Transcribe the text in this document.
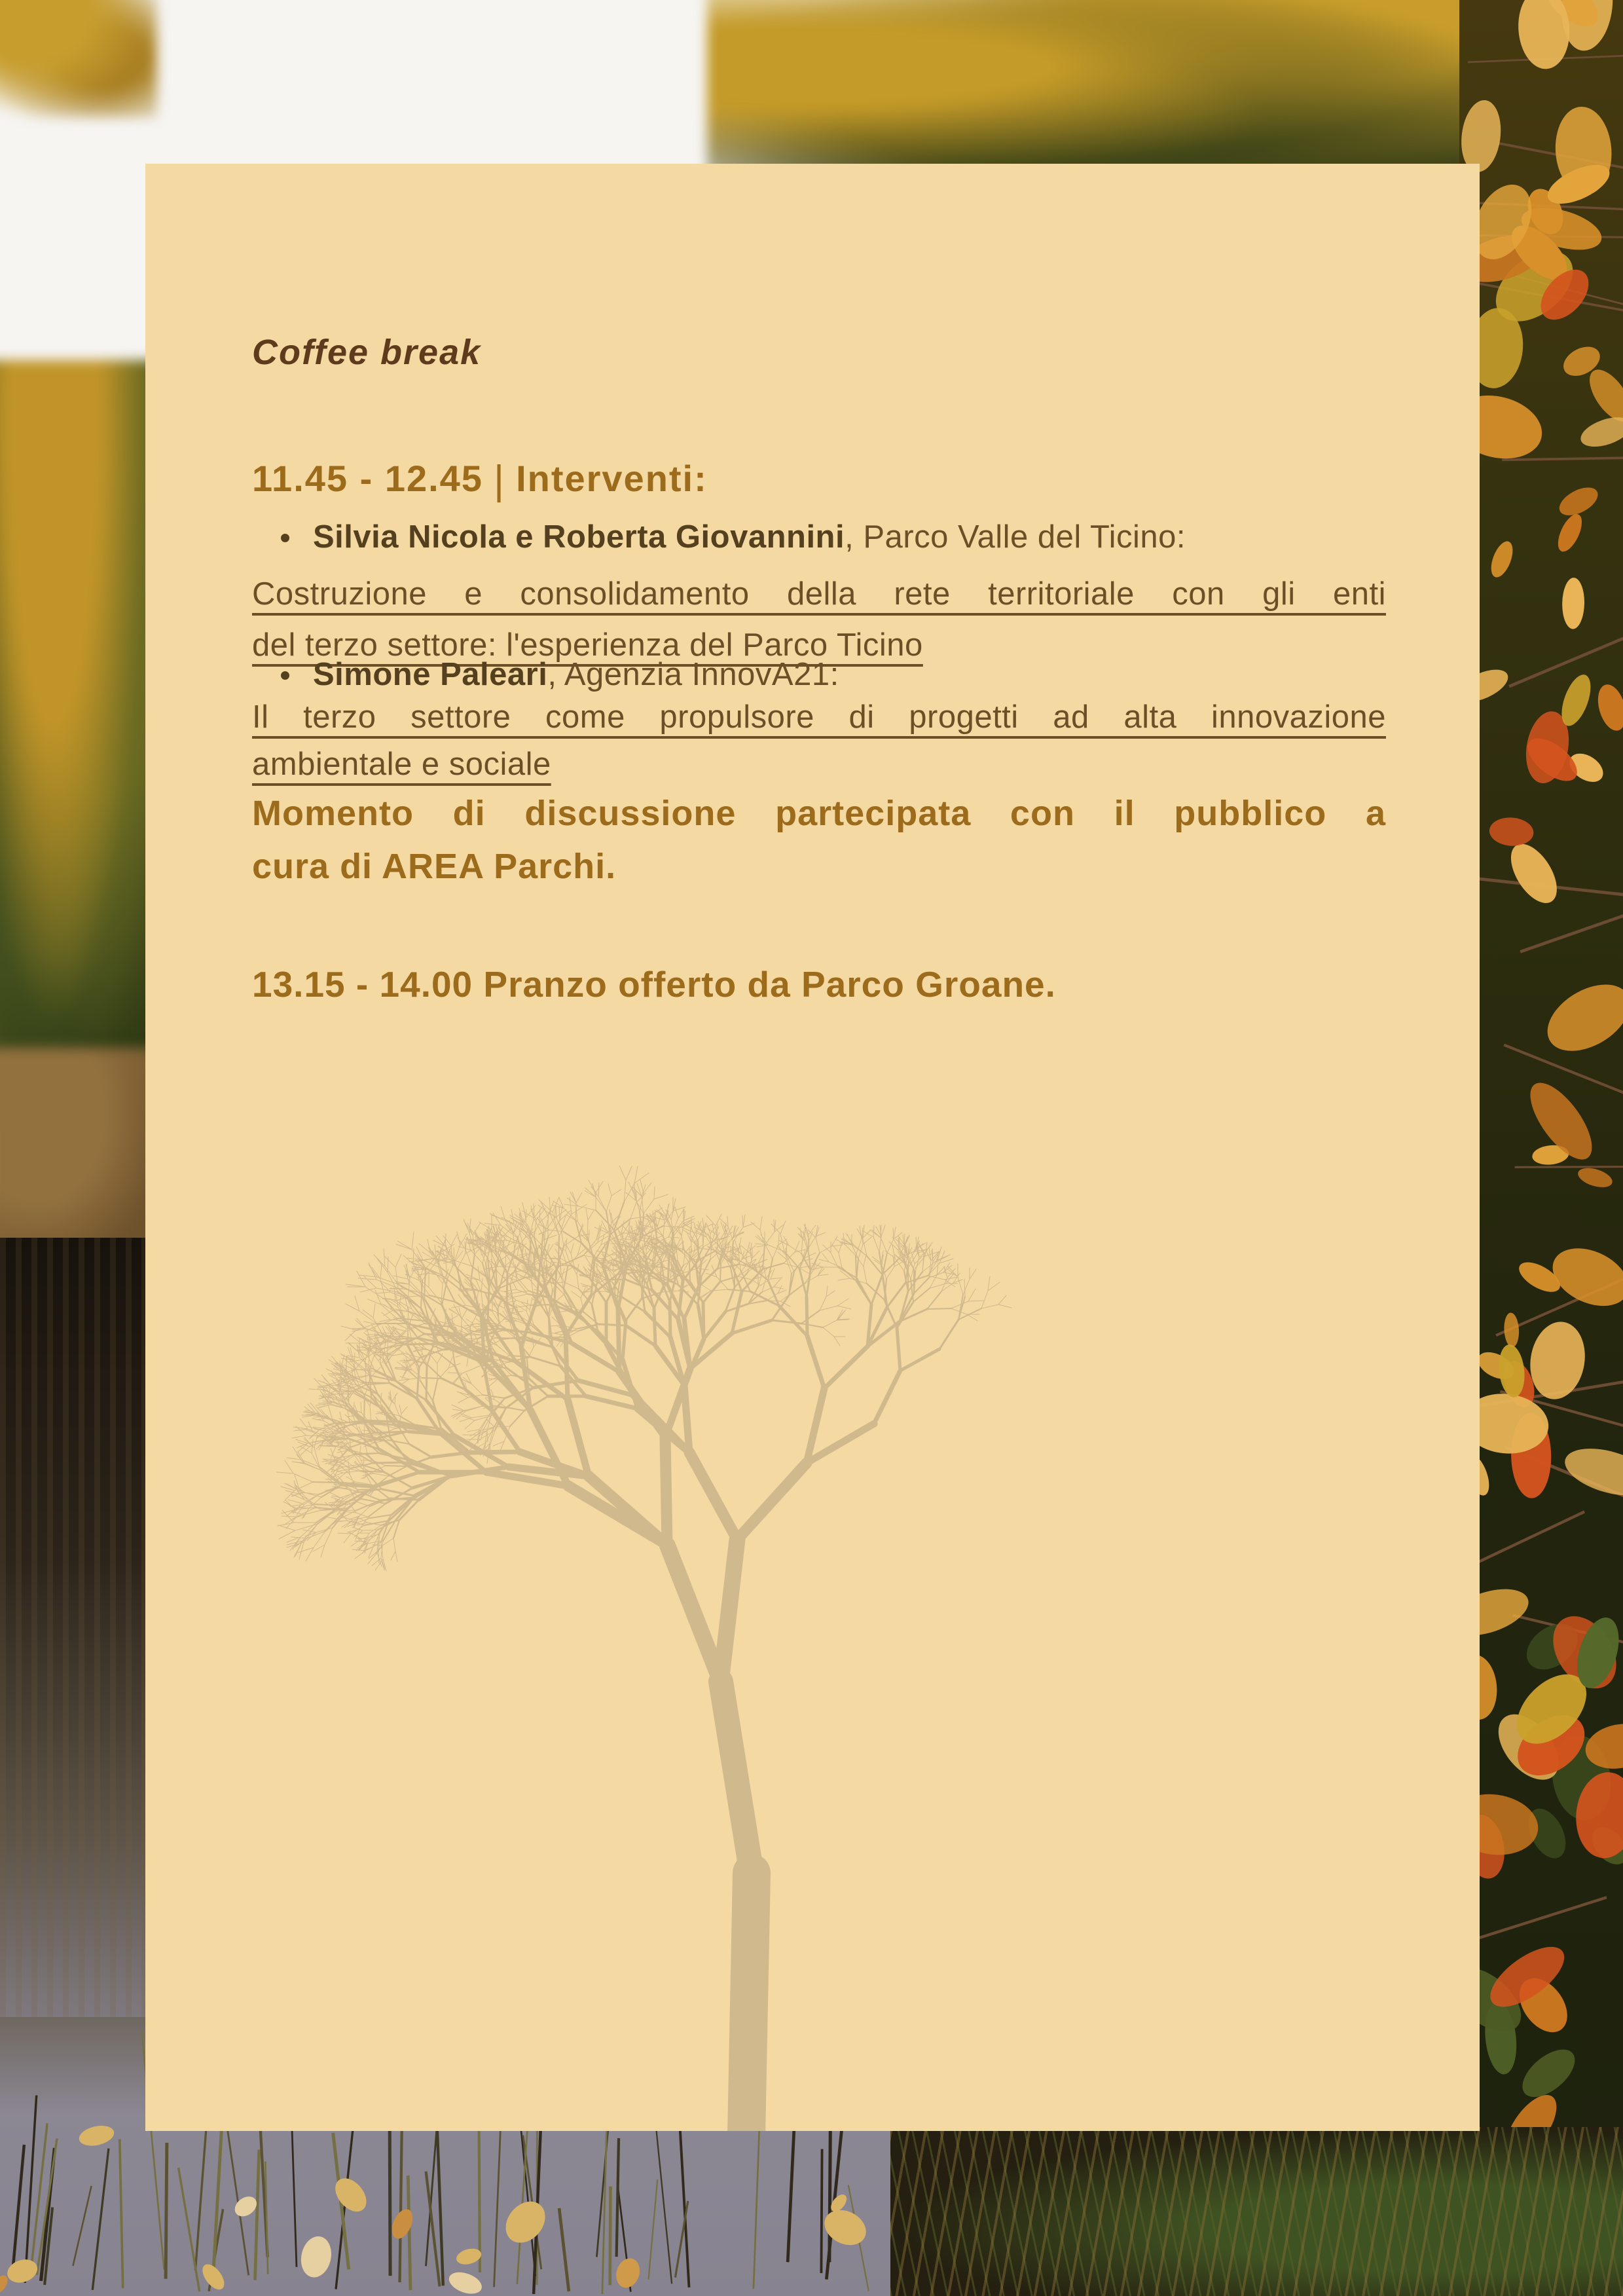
Coffee break
11.45 - 12.45 | Interventi:
Silvia Nicola e Roberta Giovannini, Parco Valle del Ticino:
Costruzione e consolidamento della rete territoriale con gli enti
del terzo settore: l'esperienza del Parco Ticino
Simone Paleari, Agenzia InnovA21:
Il terzo settore come propulsore di progetti ad alta innovazione
ambientale e sociale
Momento di discussione partecipata con il pubblico a
cura di AREA Parchi.
13.15 - 14.00 Pranzo offerto da Parco Groane.
